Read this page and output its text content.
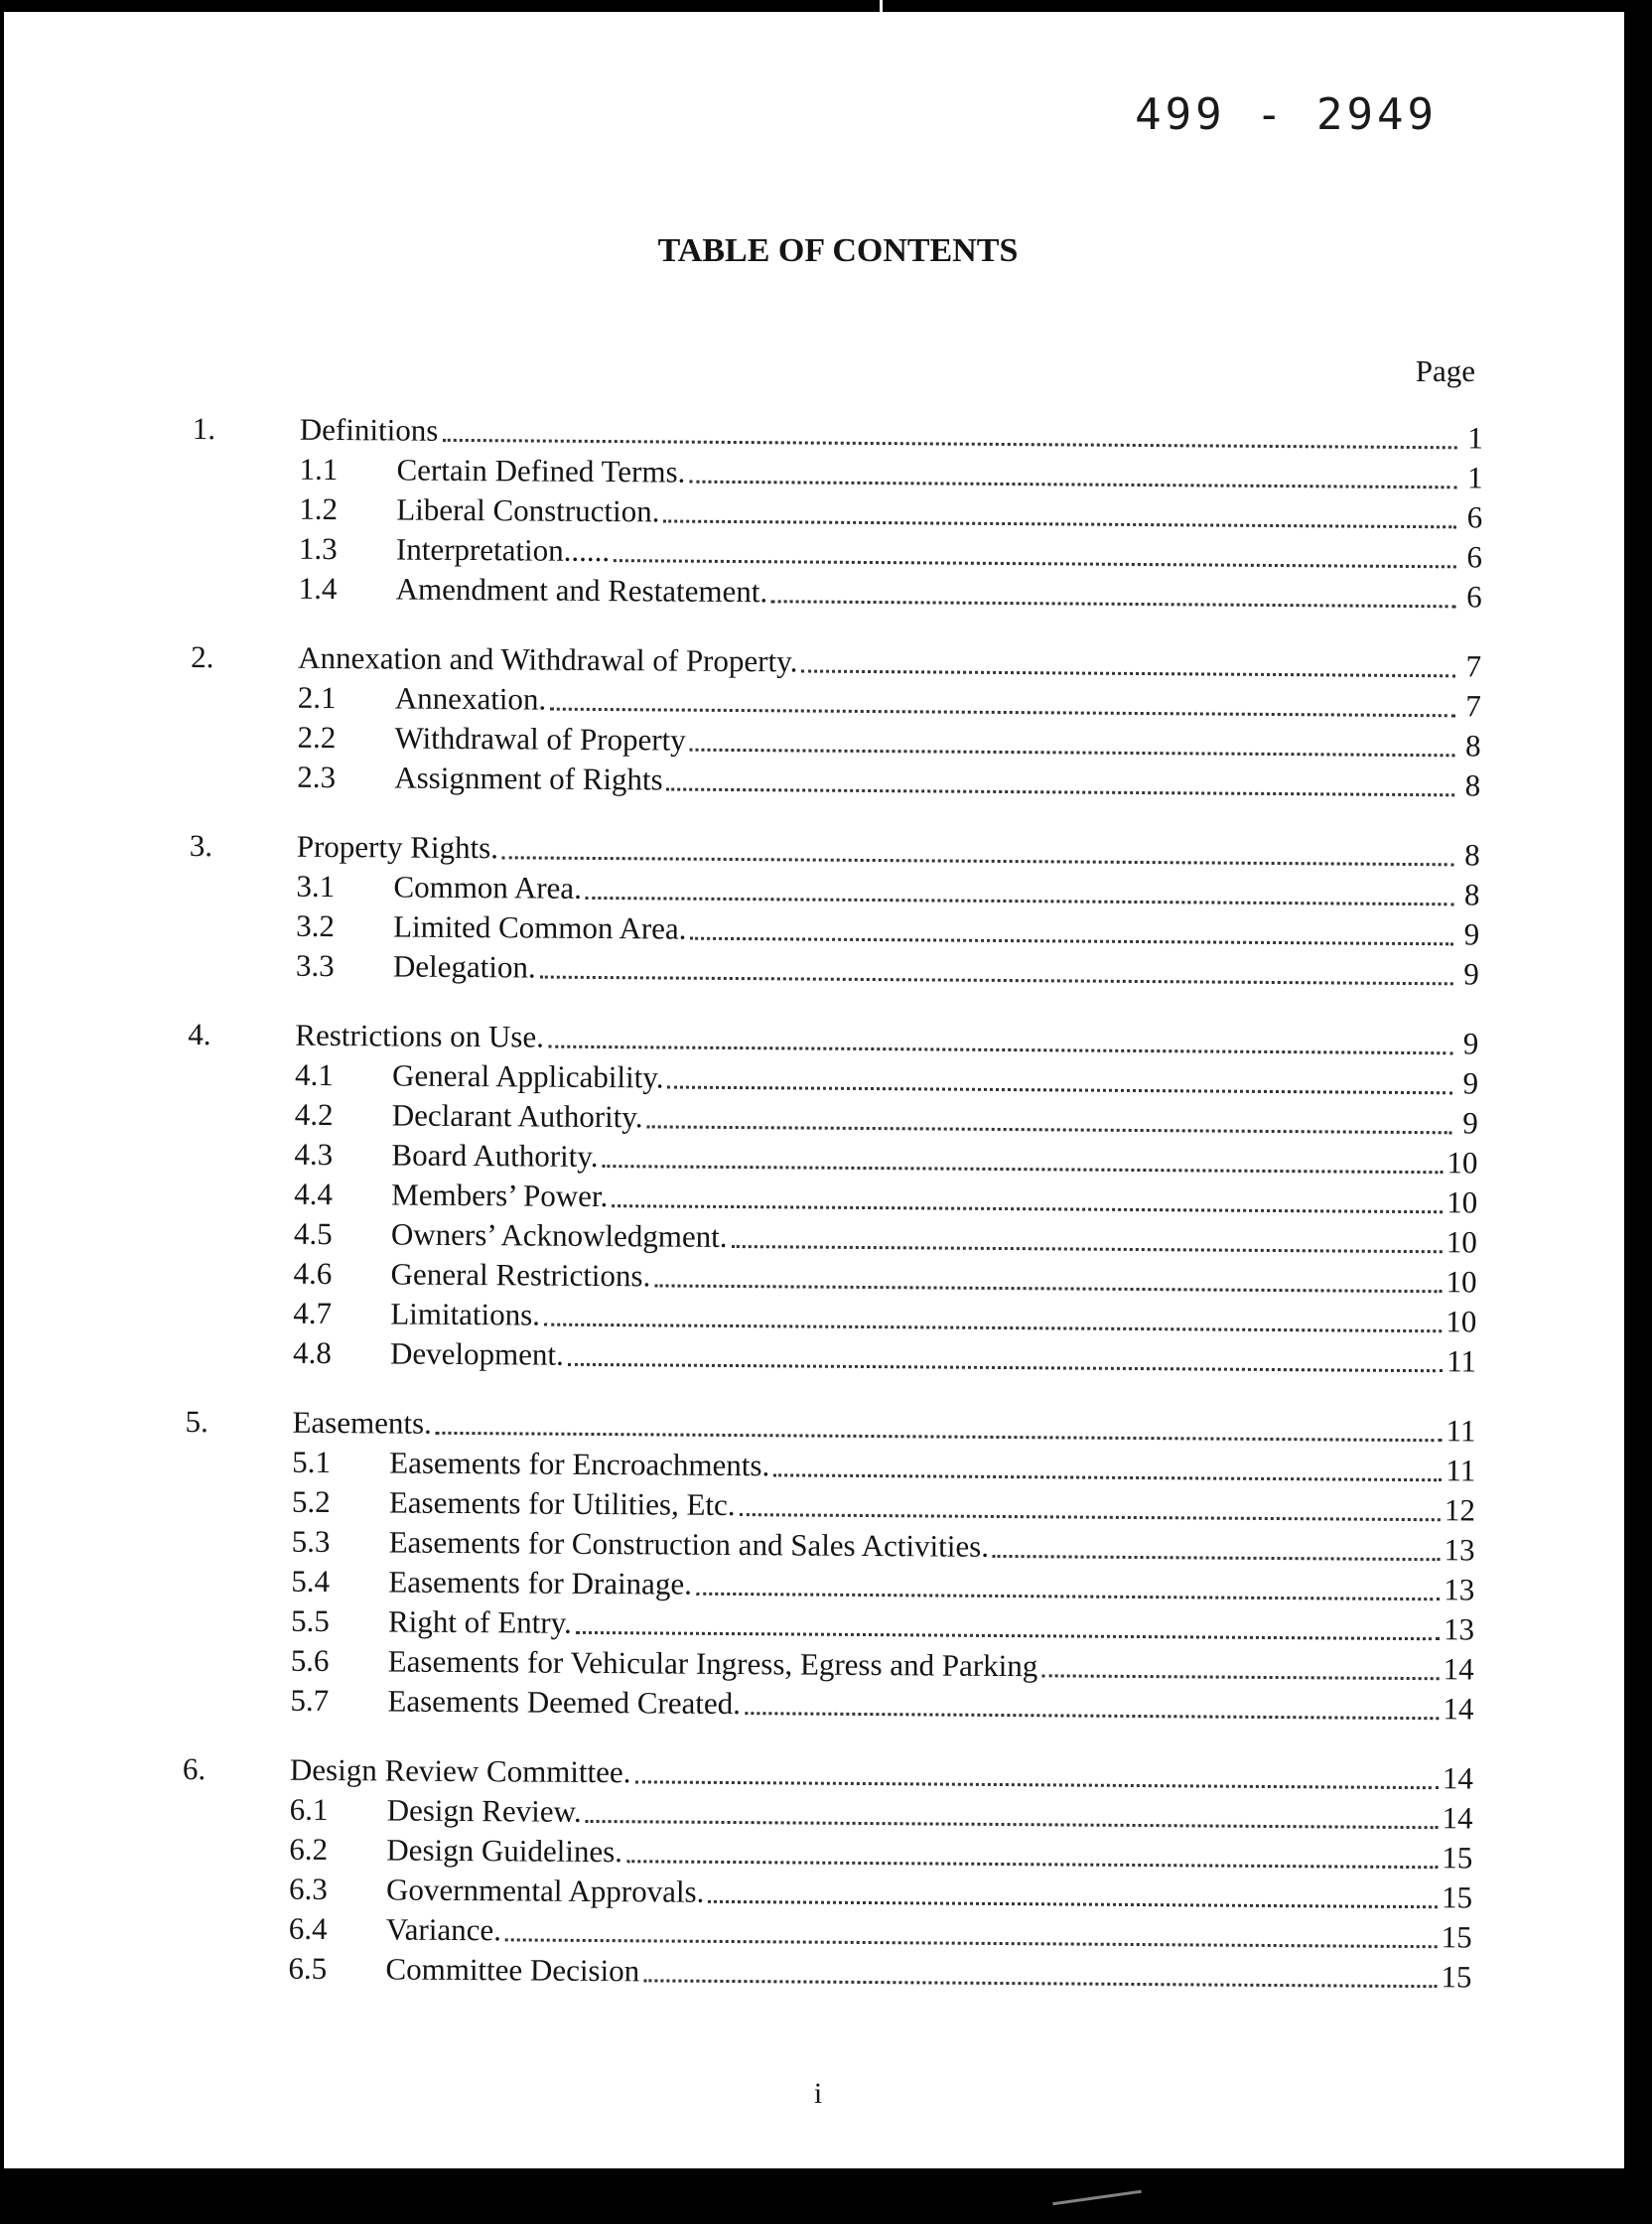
499 - 2949
TABLE OF CONTENTS
Page
1.	Definitions	1
1.1	Certain Defined Terms.	1
1.2	Liberal Construction.	6
1.3	Interpretation......	6
1.4	Amendment and Restatement.	6
2.	Annexation and Withdrawal of Property.	7
2.1	Annexation.	7
2.2	Withdrawal of Property	8
2.3	Assignment of Rights	8
3.	Property Rights.	8
3.1	Common Area.	8
3.2	Limited Common Area.	9
3.3	Delegation.	9
4.	Restrictions on Use.	9
4.1	General Applicability.	9
4.2	Declarant Authority.	9
4.3	Board Authority.	10
4.4	Members’ Power.	10
4.5	Owners’ Acknowledgment.	10
4.6	General Restrictions.	10
4.7	Limitations.	10
4.8	Development.	11
5.	Easements.	11
5.1	Easements for Encroachments.	11
5.2	Easements for Utilities, Etc.	12
5.3	Easements for Construction and Sales Activities.	13
5.4	Easements for Drainage.	13
5.5	Right of Entry.	13
5.6	Easements for Vehicular Ingress, Egress and Parking	14
5.7	Easements Deemed Created.	14
6.	Design Review Committee.	14
6.1	Design Review.	14
6.2	Design Guidelines.	15
6.3	Governmental Approvals.	15
6.4	Variance.	15
6.5	Committee Decision	15
i
